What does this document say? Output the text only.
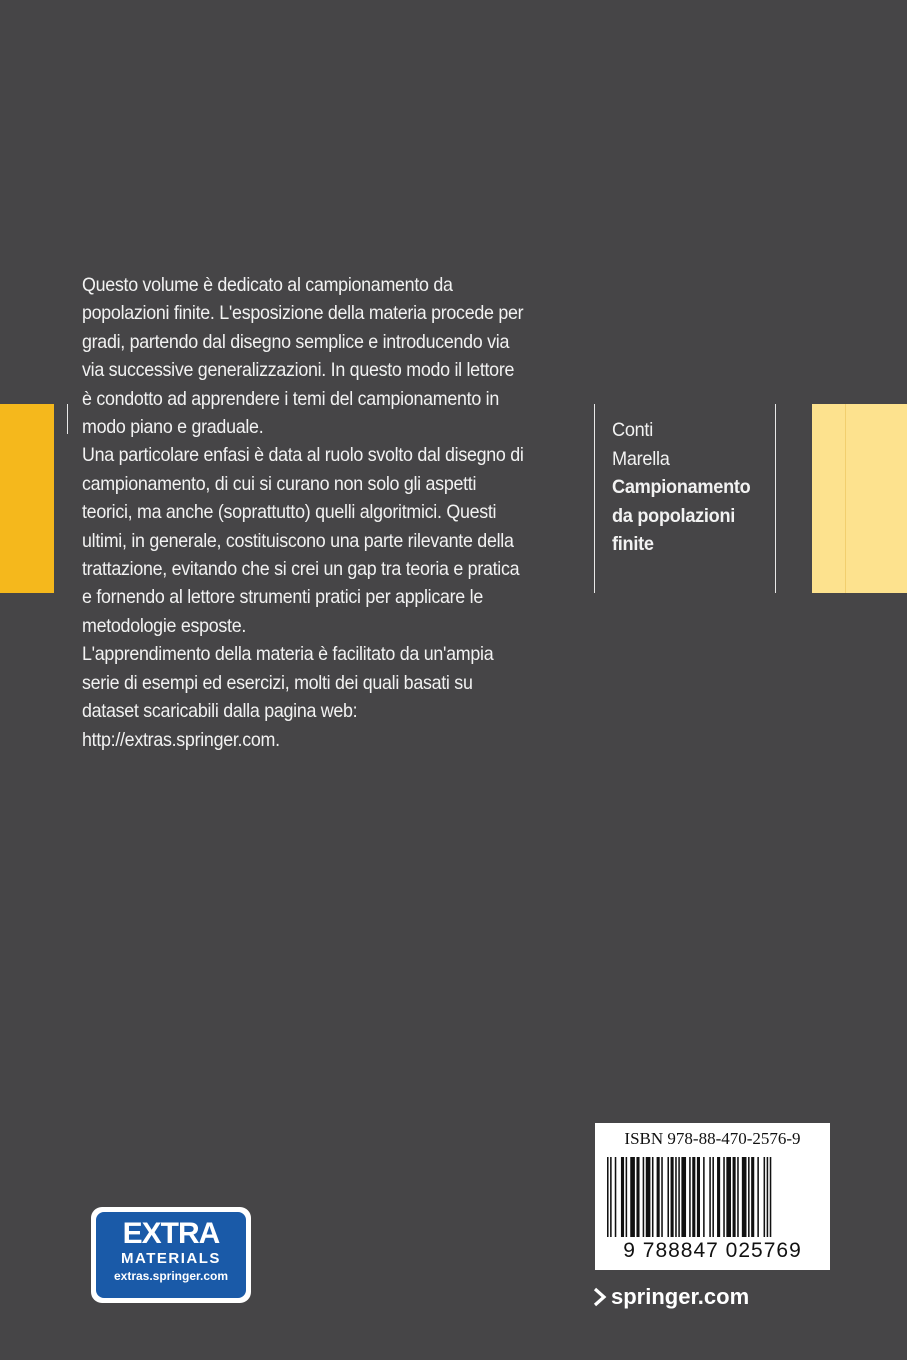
Questo volume è dedicato al campionamento da popolazioni finite. L'esposizione della materia procede per gradi, partendo dal disegno semplice e introducendo via via successive generalizzazioni. In questo modo il lettore è condotto ad apprendere i temi del campionamento in modo piano e graduale.

Una particolare enfasi è data al ruolo svolto dal disegno di campionamento, di cui si curano non solo gli aspetti teorici, ma anche (soprattutto) quelli algoritmici. Questi ultimi, in generale, costituiscono una parte rilevante della trattazione, evitando che si crei un gap tra teoria e pratica e fornendo al lettore strumenti pratici per applicare le metodologie esposte.

L'apprendimento della materia è facilitato da un'ampia serie di esempi ed esercizi, molti dei quali basati su dataset scaricabili dalla pagina web: http://extras.springer.com.

Conti
Marella
Campionamento
da popolazioni
finite
EXTRA
MATERIALS
extras.springer.com
ISBN 978-88-470-2576-9
9 788847 025769
springer.com
